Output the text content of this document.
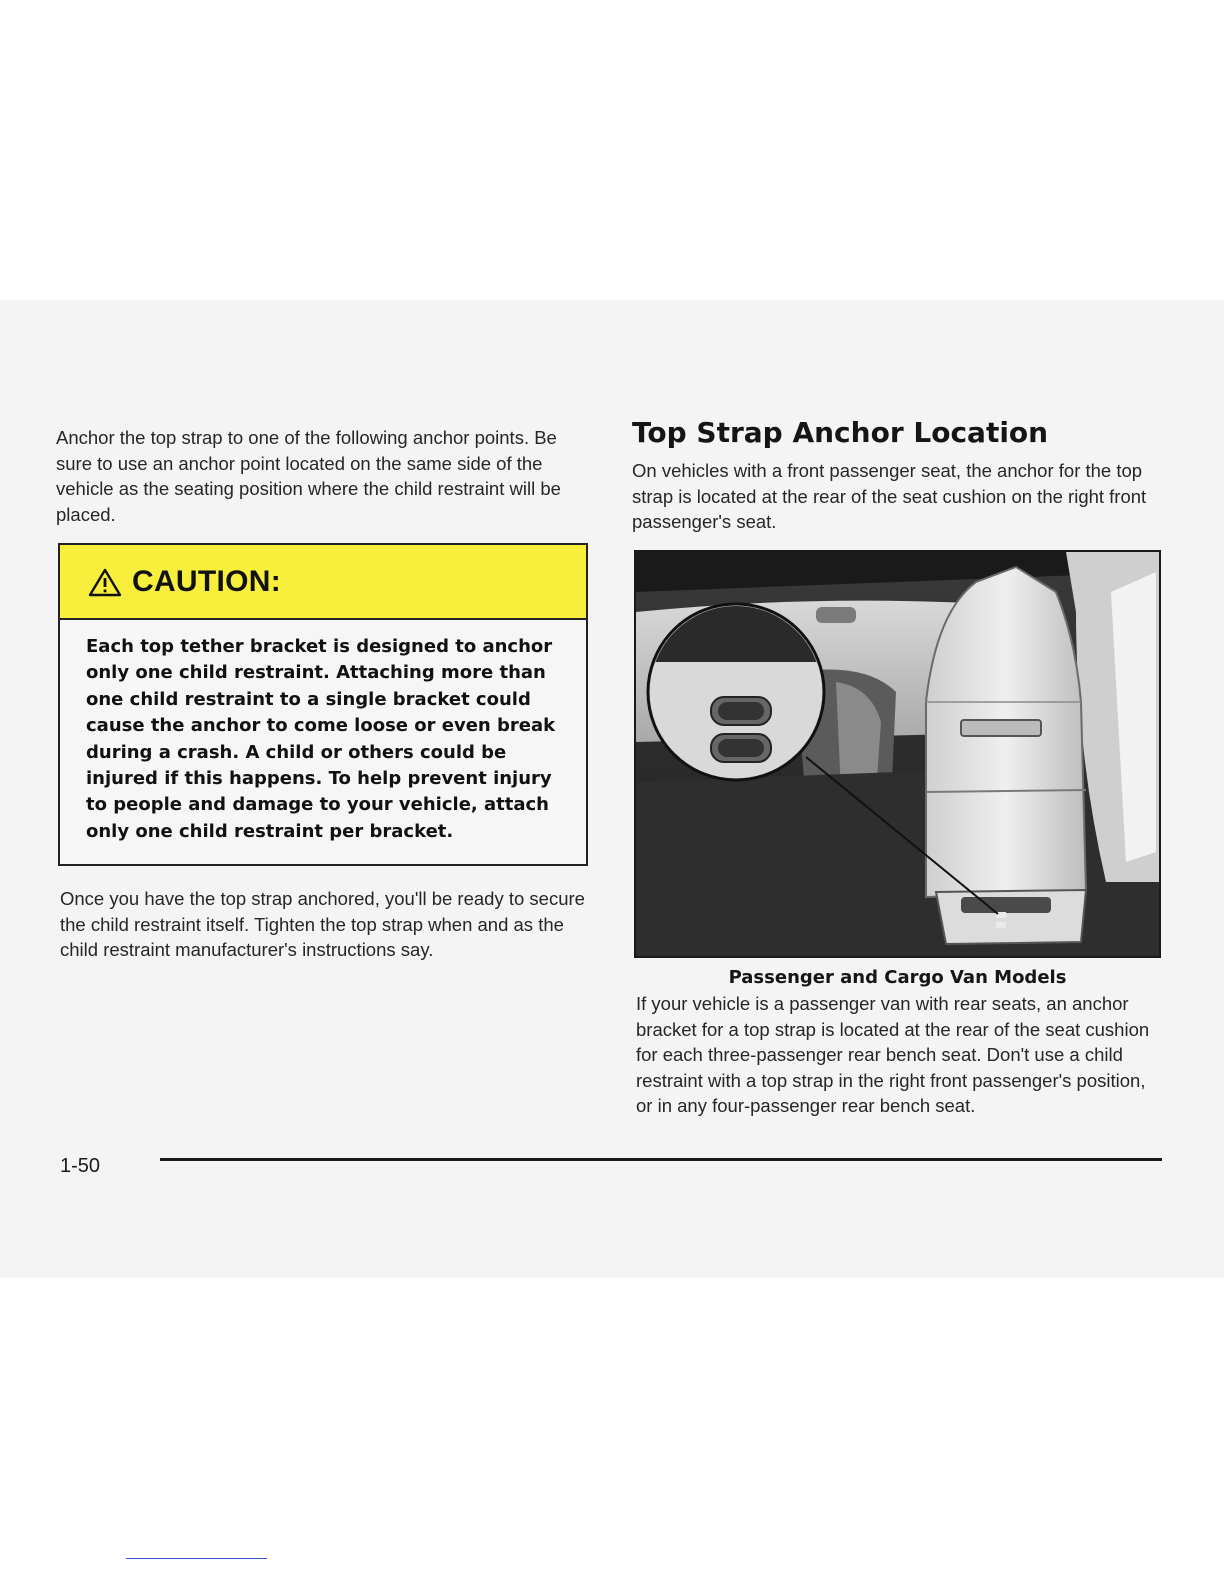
Anchor the top strap to one of the following anchor points. Be sure to use an anchor point located on the same side of the vehicle as the seating position where the child restraint will be placed.

CAUTION:

Each top tether bracket is designed to anchor only one child restraint. Attaching more than one child restraint to a single bracket could cause the anchor to come loose or even break during a crash. A child or others could be injured if this happens. To help prevent injury to people and damage to your vehicle, attach only one child restraint per bracket.

Once you have the top strap anchored, you'll be ready to secure the child restraint itself. Tighten the top strap when and as the child restraint manufacturer's instructions say.

Top Strap Anchor Location

On vehicles with a front passenger seat, the anchor for the top strap is located at the rear of the seat cushion on the right front passenger's seat.

Passenger and Cargo Van Models

If your vehicle is a passenger van with rear seats, an anchor bracket for a top strap is located at the rear of the seat cushion for each three-passenger rear bench seat. Don't use a child restraint with a top strap in the right front passenger's position, or in any four-passenger rear bench seat.

1-50
